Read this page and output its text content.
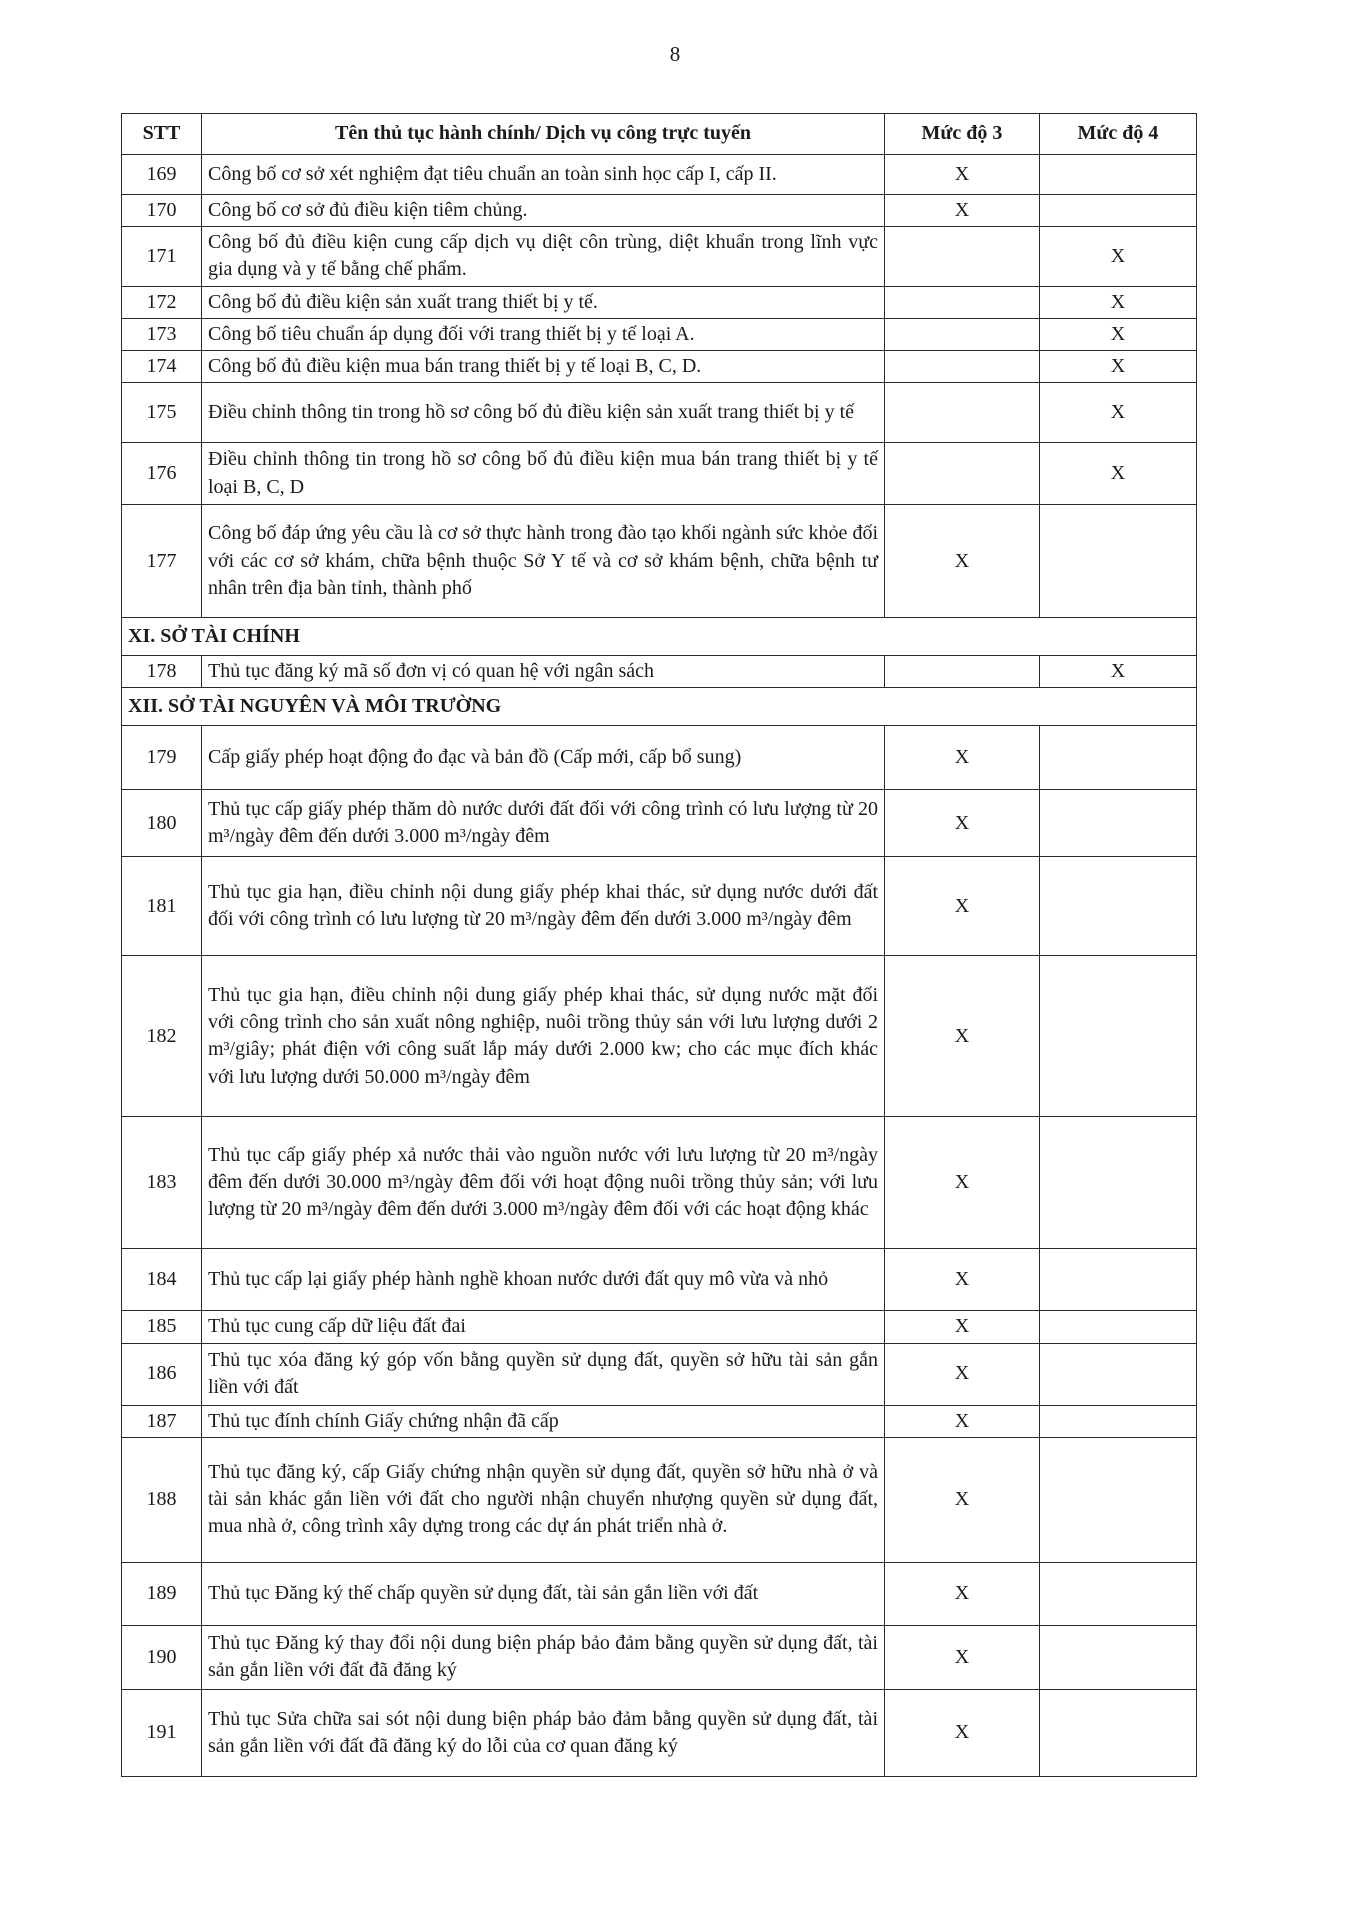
8
STT	Tên thủ tục hành chính/ Dịch vụ công trực tuyến	Mức độ 3	Mức độ 4
169	Công bố cơ sở xét nghiệm đạt tiêu chuẩn an toàn sinh học cấp I, cấp II.	X	
170	Công bố cơ sở đủ điều kiện tiêm chủng.	X	
171	Công bố đủ điều kiện cung cấp dịch vụ diệt côn trùng, diệt khuẩn trong lĩnh vực gia dụng và y tế bằng chế phẩm.		X
172	Công bố đủ điều kiện sản xuất trang thiết bị y tế.		X
173	Công bố tiêu chuẩn áp dụng đối với trang thiết bị y tế loại A.		X
174	Công bố đủ điều kiện mua bán trang thiết bị y tế loại B, C, D.		X
175	Điều chỉnh thông tin trong hồ sơ công bố đủ điều kiện sản xuất trang thiết bị y tế		X
176	Điều chỉnh thông tin trong hồ sơ công bố đủ điều kiện mua bán trang thiết bị y tế loại B, C, D		X
177	Công bố đáp ứng yêu cầu là cơ sở thực hành trong đào tạo khối ngành sức khỏe đối với các cơ sở khám, chữa bệnh thuộc Sở Y tế và cơ sở khám bệnh, chữa bệnh tư nhân trên địa bàn tỉnh, thành phố	X	
XI. SỞ TÀI CHÍNH			
178	Thủ tục đăng ký mã số đơn vị có quan hệ với ngân sách		X
XII. SỞ TÀI NGUYÊN VÀ MÔI TRƯỜNG			
179	Cấp giấy phép hoạt động đo đạc và bản đồ (Cấp mới, cấp bổ sung)	X	
180	Thủ tục cấp giấy phép thăm dò nước dưới đất đối với công trình có lưu lượng từ 20 m³/ngày đêm đến dưới 3.000 m³/ngày đêm	X	
181	Thủ tục gia hạn, điều chỉnh nội dung giấy phép khai thác, sử dụng nước dưới đất đối với công trình có lưu lượng từ 20 m³/ngày đêm đến dưới 3.000 m³/ngày đêm	X	
182	Thủ tục gia hạn, điều chỉnh nội dung giấy phép khai thác, sử dụng nước mặt đối với công trình cho sản xuất nông nghiệp, nuôi trồng thủy sản với lưu lượng dưới 2 m³/giây; phát điện với công suất lắp máy dưới 2.000 kw; cho các mục đích khác với lưu lượng dưới 50.000 m³/ngày đêm	X	
183	Thủ tục cấp giấy phép xả nước thải vào nguồn nước với lưu lượng từ 20 m³/ngày đêm đến dưới 30.000 m³/ngày đêm đối với hoạt động nuôi trồng thủy sản; với lưu lượng từ 20 m³/ngày đêm đến dưới 3.000 m³/ngày đêm đối với các hoạt động khác	X	
184	Thủ tục cấp lại giấy phép hành nghề khoan nước dưới đất quy mô vừa và nhỏ	X	
185	Thủ tục cung cấp dữ liệu đất đai	X	
186	Thủ tục xóa đăng ký góp vốn bằng quyền sử dụng đất, quyền sở hữu tài sản gắn liền với đất	X	
187	Thủ tục đính chính Giấy chứng nhận đã cấp	X	
188	Thủ tục đăng ký, cấp Giấy chứng nhận quyền sử dụng đất, quyền sở hữu nhà ở và tài sản khác gắn liền với đất cho người nhận chuyển nhượng quyền sử dụng đất, mua nhà ở, công trình xây dựng trong các dự án phát triển nhà ở.	X	
189	Thủ tục Đăng ký thế chấp quyền sử dụng đất, tài sản gắn liền với đất	X	
190	Thủ tục Đăng ký thay đổi nội dung biện pháp bảo đảm bằng quyền sử dụng đất, tài sản gắn liền với đất đã đăng ký	X	
191	Thủ tục Sửa chữa sai sót nội dung biện pháp bảo đảm bằng quyền sử dụng đất, tài sản gắn liền với đất đã đăng ký do lỗi của cơ quan đăng ký	X	
